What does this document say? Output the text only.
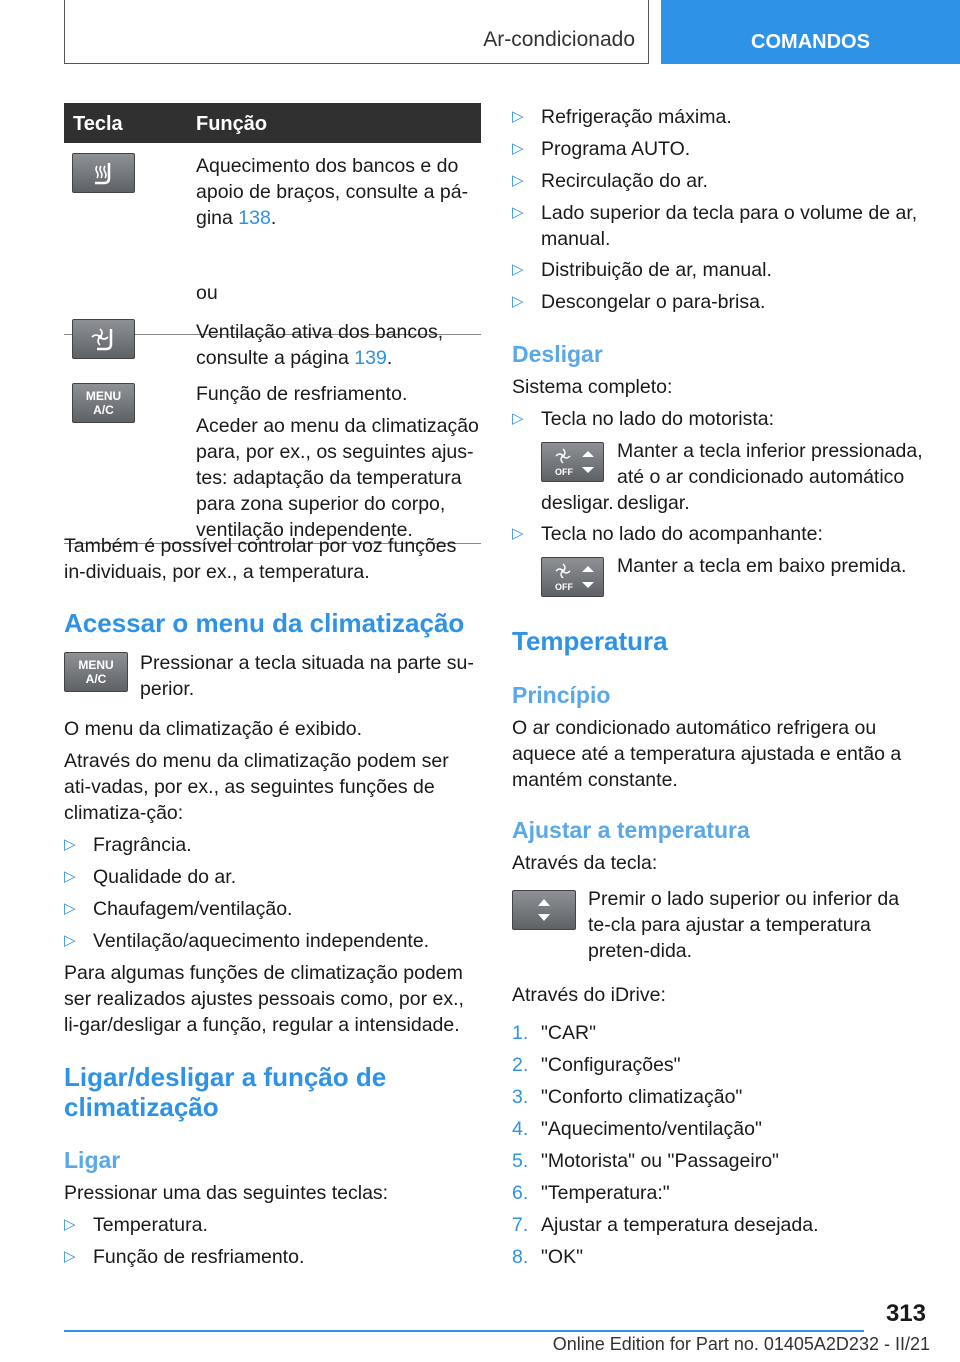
Ar-condicionado	COMANDOS
Tecla	Função
Aquecimento dos bancos e do apoio de braços, consulte a pá-gina 138.
ou
Ventilação ativa dos bancos, consulte a página 139.
MENU
A/C
Função de resfriamento.
Aceder ao menu da climatização para, por ex., os seguintes ajus-tes: adaptação da temperatura para zona superior do corpo, ventilação independente.

Também é possível controlar por voz funções in-dividuais, por ex., a temperatura.

Acessar o menu da climatização
MENU
A/C

Pressionar a tecla situada na parte su-perior.

O menu da climatização é exibido.

Através do menu da climatização podem ser ati-vadas, por ex., as seguintes funções de climatiza-ção:

▷ Fragrância.
▷ Qualidade do ar.
▷ Chaufagem/ventilação.
▷ Ventilação/aquecimento independente.

Para algumas funções de climatização podem ser realizados ajustes pessoais como, por ex., li-gar/desligar a função, regular a intensidade.

Ligar/desligar a função de climatização
Ligar

Pressionar uma das seguintes teclas:

▷ Temperatura.
▷ Função de resfriamento.
▷ Refrigeração máxima.
▷ Programa AUTO.
▷ Recirculação do ar.
▷ Lado superior da tecla para o volume de ar, manual.
▷ Distribuição de ar, manual.
▷ Descongelar o para-brisa.
Desligar

Sistema completo:

▷ Tecla no lado do motorista:
OFF

Manter a tecla inferior pressionada, até o ar condicionado automático desligar.

desligar.

▷ Tecla no lado do acompanhante:
OFF

Manter a tecla em baixo premida.

Temperatura
Princípio

O ar condicionado automático refrigera ou aquece até a temperatura ajustada e então a mantém constante.

Ajustar a temperatura

Através da tecla:

Premir o lado superior ou inferior da te-cla para ajustar a temperatura preten-dida.

Através do iDrive:

1. "CAR"
2. "Configurações"
3. "Conforto climatização"
4. "Aquecimento/ventilação"
5. "Motorista" ou "Passageiro"
6. "Temperatura:"
7. Ajustar a temperatura desejada.
8. "OK"
313
Online Edition for Part no. 01405A2D232 - II/21
